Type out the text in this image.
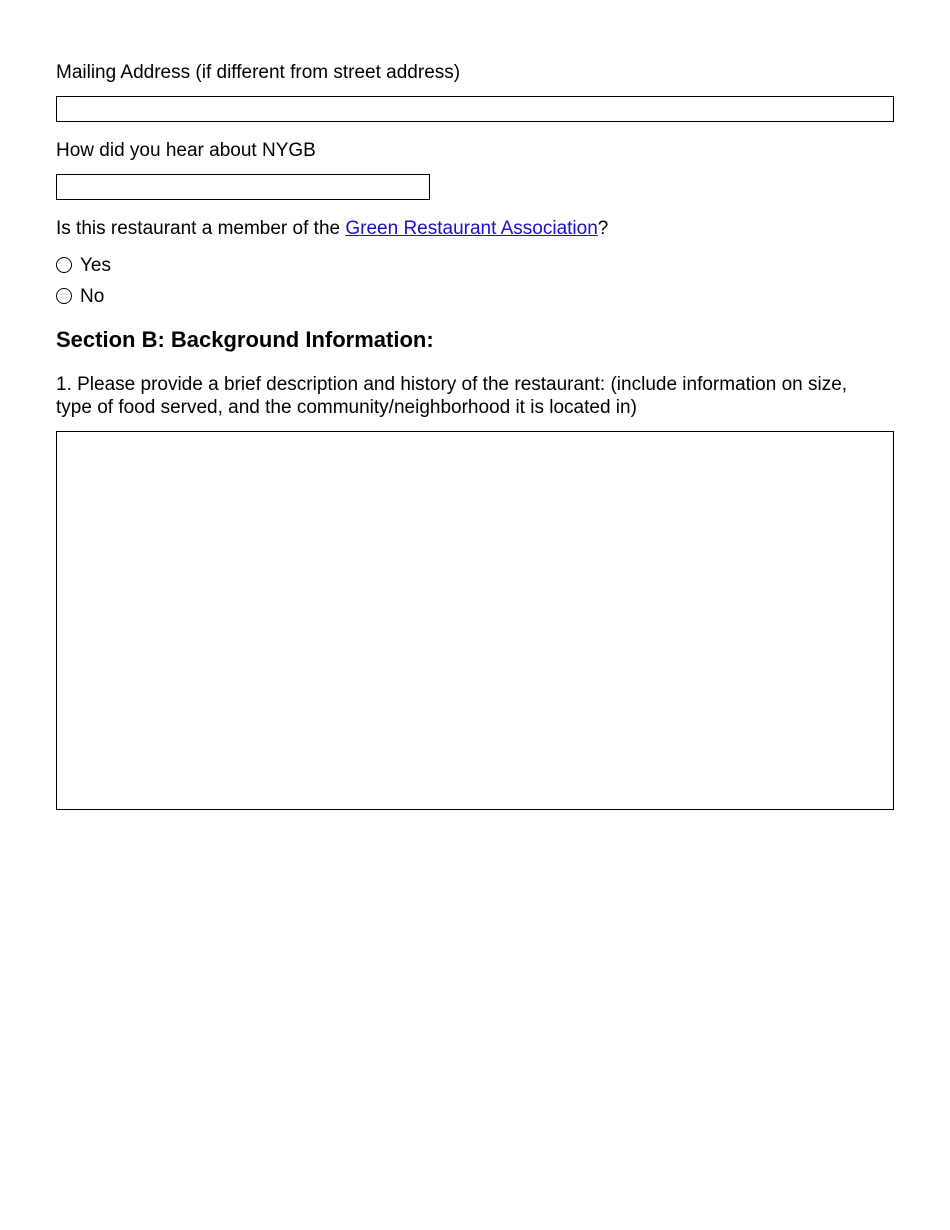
Mailing Address (if different from street address)
How did you hear about NYGB
Is this restaurant a member of the Green Restaurant Association?
Yes
No
Section B: Background Information:

1. Please provide a brief description and history of the restaurant: (include information on size, type of food served, and the community/neighborhood it is located in)
